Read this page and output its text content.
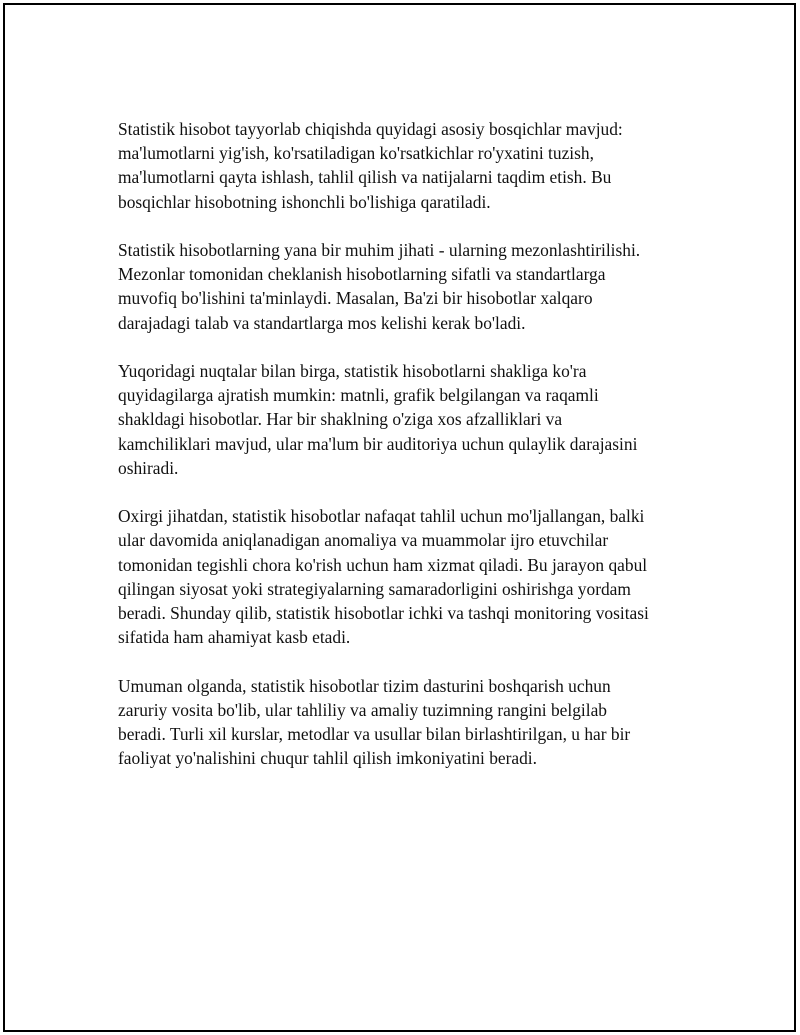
Statistik hisobot tayyorlab chiqishda quyidagi asosiy bosqichlar mavjud:
ma'lumotlarni yig'ish, ko'rsatiladigan ko'rsatkichlar ro'yxatini tuzish,
ma'lumotlarni qayta ishlash, tahlil qilish va natijalarni taqdim etish. Bu
bosqichlar hisobotning ishonchli bo'lishiga qaratiladi.

Statistik hisobotlarning yana bir muhim jihati - ularning mezonlashtirilishi.
Mezonlar tomonidan cheklanish hisobotlarning sifatli va standartlarga
muvofiq bo'lishini ta'minlaydi. Masalan, Ba'zi bir hisobotlar xalqaro
darajadagi talab va standartlarga mos kelishi kerak bo'ladi.

Yuqoridagi nuqtalar bilan birga, statistik hisobotlarni shakliga ko'ra
quyidagilarga ajratish mumkin: matnli, grafik belgilangan va raqamli
shakldagi hisobotlar. Har bir shaklning o'ziga xos afzalliklari va
kamchiliklari mavjud, ular ma'lum bir auditoriya uchun qulaylik darajasini
oshiradi.

Oxirgi jihatdan, statistik hisobotlar nafaqat tahlil uchun mo'ljallangan, balki
ular davomida aniqlanadigan anomaliya va muammolar ijro etuvchilar
tomonidan tegishli chora ko'rish uchun ham xizmat qiladi. Bu jarayon qabul
qilingan siyosat yoki strategiyalarning samaradorligini oshirishga yordam
beradi. Shunday qilib, statistik hisobotlar ichki va tashqi monitoring vositasi
sifatida ham ahamiyat kasb etadi.

Umuman olganda, statistik hisobotlar tizim dasturini boshqarish uchun
zaruriy vosita bo'lib, ular tahliliy va amaliy tuzimning rangini belgilab
beradi. Turli xil kurslar, metodlar va usullar bilan birlashtirilgan, u har bir
faoliyat yo'nalishini chuqur tahlil qilish imkoniyatini beradi.
